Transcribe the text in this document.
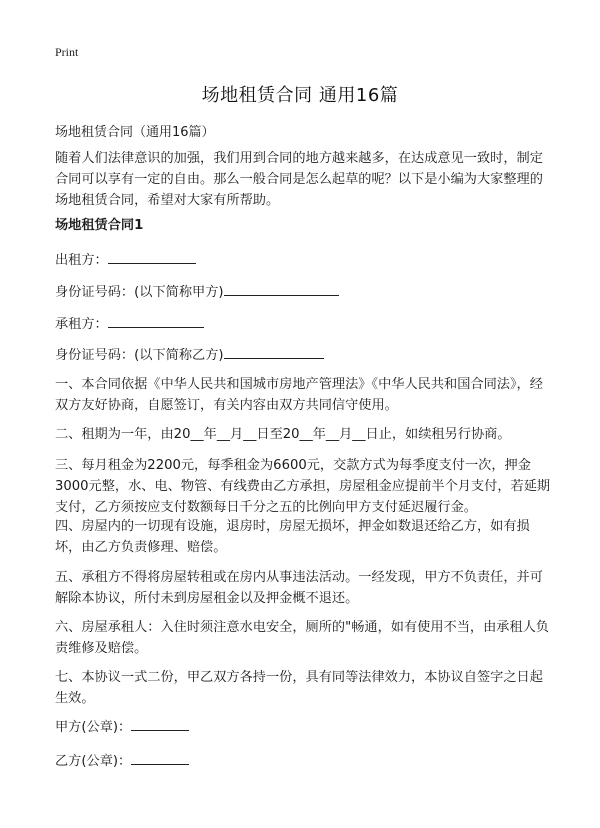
Print
场地租赁合同 通用16篇
场地租赁合同（通用16篇）

随着人们法律意识的加强，我们用到合同的地方越来越多，在达成意见一致时，制定合同可以享有一定的自由。那么一般合同是怎么起草的呢？以下是小编为大家整理的场地租赁合同，希望对大家有所帮助。

场地租赁合同1

出租方：
身份证号码：(以下简称甲方)
承租方：
身份证号码：(以下简称乙方)

一、本合同依据《中华人民共和国城市房地产管理法》《中华人民共和国合同法》，经双方友好协商，自愿签订，有关内容由双方共同信守使用。

二、租期为一年，由20__年__月__日至20__年__月__日止，如续租另行协商。

三、每月租金为2200元，每季租金为6600元，交款方式为每季度支付一次，押金3000元整，水、电、物管、有线费由乙方承担，房屋租金应提前半个月支付，若延期支付，乙方须按应支付数额每日千分之五的比例向甲方支付延迟履行金。

四、房屋内的一切现有设施，退房时，房屋无损坏，押金如数退还给乙方，如有损坏，由乙方负责修理、赔偿。

五、承租方不得将房屋转租或在房内从事违法活动。一经发现，甲方不负责任，并可解除本协议，所付未到房屋租金以及押金概不退还。

六、房屋承租人：入住时须注意水电安全，厕所的"畅通，如有使用不当，由承租人负责维修及赔偿。

七、本协议一式二份，甲乙双方各持一份，具有同等法律效力，本协议自签字之日起生效。

甲方(公章)：
乙方(公章)：
